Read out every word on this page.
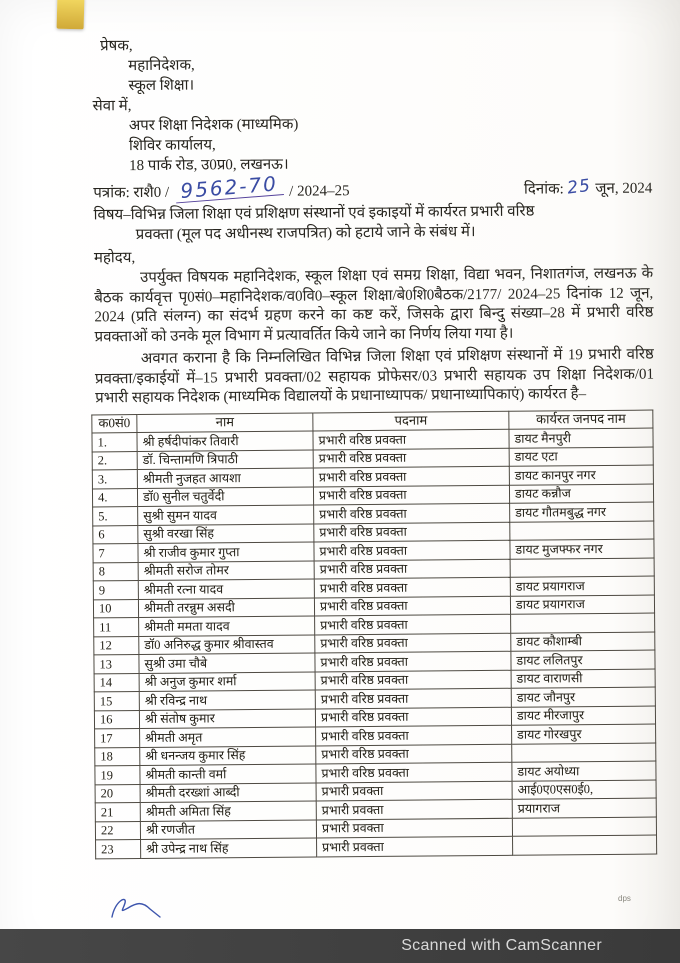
प्रेषक,
महानिदेशक,
स्कूल शिक्षा।
सेवा में,
अपर शिक्षा निदेशक (माध्यमिक)
शिविर कार्यालय,
18 पार्क रोड, उ0प्र0, लखनऊ।
पत्रांक: राशै0 / 9562-70 / 2024–25	दिनांक: 25 जून, 2024
विषय–विभिन्न जिला शिक्षा एवं प्रशिक्षण संस्थानों एवं इकाइयों में कार्यरत प्रभारी वरिष्ठ
प्रवक्ता (मूल पद अधीनस्थ राजपत्रित) को हटाये जाने के संबंध में।
महोदय,
उपर्युक्त विषयक महानिदेशक, स्कूल शिक्षा एवं समग्र शिक्षा, विद्या भवन, निशातगंज, लखनऊ के बैठक कार्यवृत्त पृ0सं0–महानिदेशक/व0वि0–स्कूल शिक्षा/बे0शि0बैठक/2177/ 2024–25 दिनांक 12 जून, 2024 (प्रति संलग्न) का संदर्भ ग्रहण करने का कष्ट करें, जिसके द्वारा बिन्दु संख्या–28 में प्रभारी वरिष्ठ प्रवक्ताओं को उनके मूल विभाग में प्रत्यावर्तित किये जाने का निर्णय लिया गया है।
अवगत कराना है कि निम्नलिखित विभिन्न जिला शिक्षा एवं प्रशिक्षण संस्थानों में 19 प्रभारी वरिष्ठ प्रवक्ता/इकाईयों में–15 प्रभारी प्रवक्ता/02 सहायक प्रोफेसर/03 प्रभारी सहायक उप शिक्षा निदेशक/01 प्रभारी सहायक निदेशक (माध्यमिक विद्यालयों के प्रधानाध्यापक/ प्रधानाध्यापिकाएं) कार्यरत है–
क0सं0	नाम	पदनाम	कार्यरत जनपद नाम
1.	श्री हर्षदीपांकर तिवारी	प्रभारी वरिष्ठ प्रवक्ता	डायट मैनपुरी
2.	डॉ. चिन्तामणि त्रिपाठी	प्रभारी वरिष्ठ प्रवक्ता	डायट एटा
3.	श्रीमती नुजहत आयशा	प्रभारी वरिष्ठ प्रवक्ता	डायट कानपुर नगर
4.	डॉ0 सुनील चतुर्वेदी	प्रभारी वरिष्ठ प्रवक्ता	डायट कन्नौज
5.	सुश्री सुमन यादव	प्रभारी वरिष्ठ प्रवक्ता	डायट गौतमबुद्ध नगर
6	सुश्री वरखा सिंह	प्रभारी वरिष्ठ प्रवक्ता	
7	श्री राजीव कुमार गुप्ता	प्रभारी वरिष्ठ प्रवक्ता	डायट मुजफ्फर नगर
8	श्रीमती सरोज तोमर	प्रभारी वरिष्ठ प्रवक्ता	
9	श्रीमती रत्ना यादव	प्रभारी वरिष्ठ प्रवक्ता	डायट प्रयागराज
10	श्रीमती तरन्नुम असदी	प्रभारी वरिष्ठ प्रवक्ता	डायट प्रयागराज
11	श्रीमती ममता यादव	प्रभारी वरिष्ठ प्रवक्ता	
12	डॉ0 अनिरुद्ध कुमार श्रीवास्तव	प्रभारी वरिष्ठ प्रवक्ता	डायट कौशाम्बी
13	सुश्री उमा चौबे	प्रभारी वरिष्ठ प्रवक्ता	डायट ललितपुर
14	श्री अनुज कुमार शर्मा	प्रभारी वरिष्ठ प्रवक्ता	डायट वाराणसी
15	श्री रविन्द्र नाथ	प्रभारी वरिष्ठ प्रवक्ता	डायट जौनपुर
16	श्री संतोष कुमार	प्रभारी वरिष्ठ प्रवक्ता	डायट मीरजापुर
17	श्रीमती अमृत	प्रभारी वरिष्ठ प्रवक्ता	डायट गोरखपुर
18	श्री धनन्जय कुमार सिंह	प्रभारी वरिष्ठ प्रवक्ता	
19	श्रीमती कान्ती वर्मा	प्रभारी वरिष्ठ प्रवक्ता	डायट अयोध्या
20	श्रीमती दरख्शां आब्दी	प्रभारी प्रवक्ता	आई0ए0एस0ई0,
21	श्रीमती अमिता सिंह	प्रभारी प्रवक्ता	प्रयागराज
22	श्री रणजीत	प्रभारी प्रवक्ता	
23	श्री उपेन्द्र नाथ सिंह	प्रभारी प्रवक्ता	
dps
Scanned with CamScanner
